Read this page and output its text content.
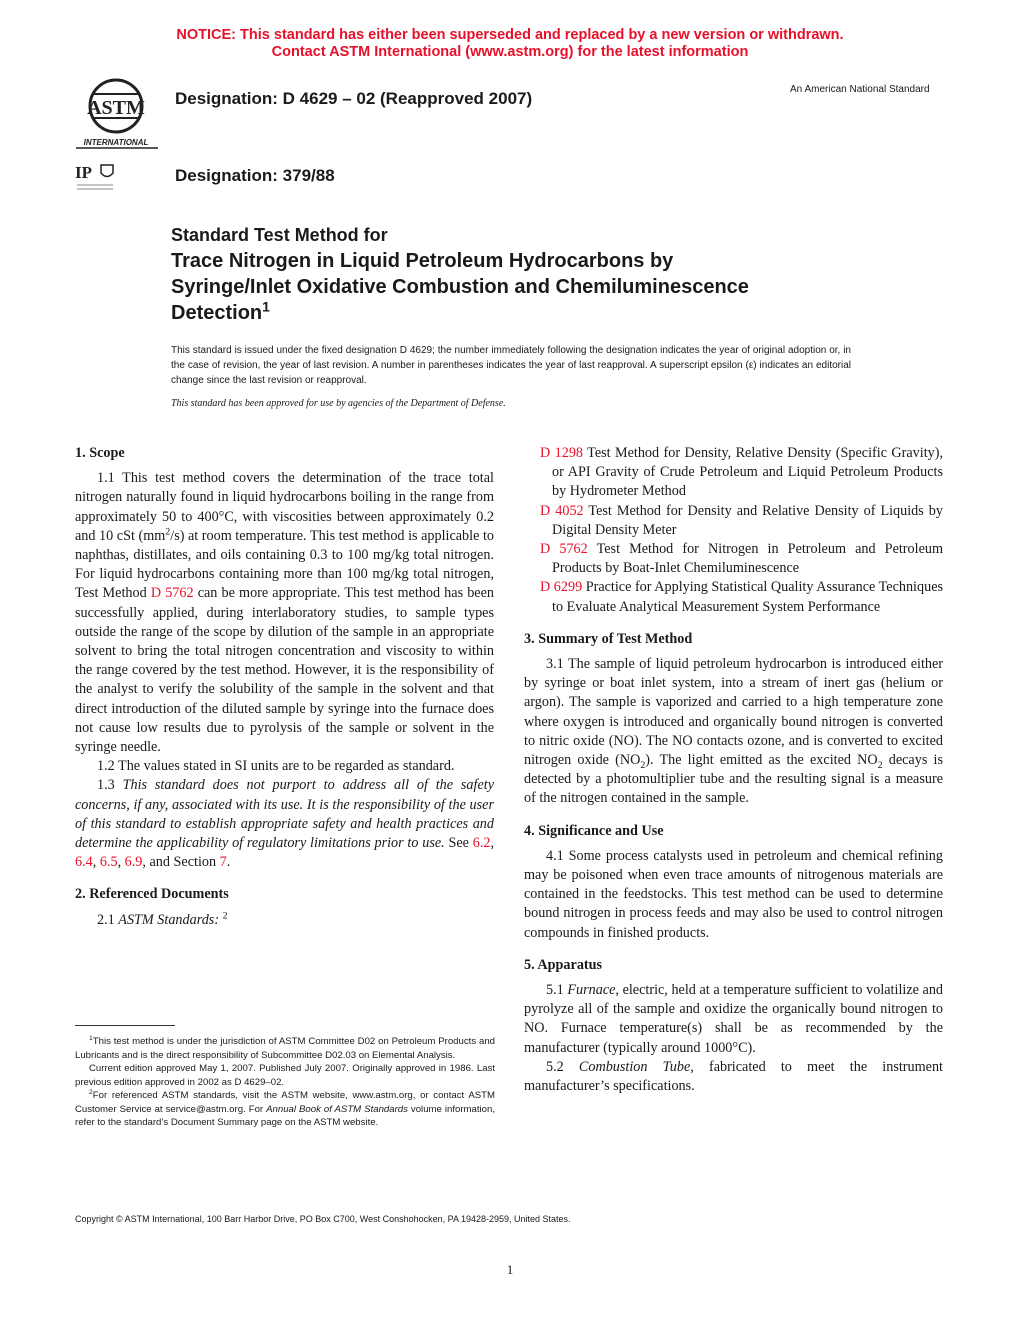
NOTICE: This standard has either been superseded and replaced by a new version or withdrawn.
Contact ASTM International (www.astm.org) for the latest information
ASTM
INTERNATIONAL
Designation: D 4629 – 02 (Reapproved 2007)	An American National Standard
IP	Designation: 379/88
Standard Test Method for
Trace Nitrogen in Liquid Petroleum Hydrocarbons by
Syringe/Inlet Oxidative Combustion and Chemiluminescence
Detection$^1$
This standard is issued under the fixed designation D 4629; the number immediately following the designation indicates the year of original adoption or, in the case of revision, the year of last revision. A number in parentheses indicates the year of last reapproval. A superscript epsilon (ε) indicates an editorial change since the last revision or reapproval.
This standard has been approved for use by agencies of the Department of Defense.
1. Scope

1.1 This test method covers the determination of the trace total nitrogen naturally found in liquid hydrocarbons boiling in the range from approximately 50 to 400°C, with viscosities between approximately 0.2 and 10 cSt $(mm^2/s)$ at room temperature. This test method is applicable to naphthas, distillates, and oils containing 0.3 to 100 mg/kg total nitrogen. For liquid hydrocarbons containing more than 100 mg/kg total nitrogen, Test Method D 5762 can be more appropriate. This test method has been successfully applied, during interlaboratory studies, to sample types outside the range of the scope by dilution of the sample in an appropriate solvent to bring the total nitrogen concentration and viscosity to within the range covered by the test method. However, it is the responsibility of the analyst to verify the solubility of the sample in the solvent and that direct introduction of the diluted sample by syringe into the furnace does not cause low results due to pyrolysis of the sample or solvent in the syringe needle.

1.2 The values stated in SI units are to be regarded as standard.

1.3 This standard does not purport to address all of the safety concerns, if any, associated with its use. It is the responsibility of the user of this standard to establish appropriate safety and health practices and determine the applicability of regulatory limitations prior to use. See 6.2, 6.4, 6.5, 6.9, and Section 7.

2. Referenced Documents

2.1 ASTM Standards: $^2$

$^1$This test method is under the jurisdiction of ASTM Committee D02 on Petroleum Products and Lubricants and is the direct responsibility of Subcommittee D02.03 on Elemental Analysis.

Current edition approved May 1, 2007. Published July 2007. Originally approved in 1986. Last previous edition approved in 2002 as D 4629–02.

$^2$For referenced ASTM standards, visit the ASTM website, www.astm.org, or contact ASTM Customer Service at service@astm.org. For Annual Book of ASTM Standards volume information, refer to the standard’s Document Summary page on the ASTM website.

D 1298 Test Method for Density, Relative Density (Specific Gravity), or API Gravity of Crude Petroleum and Liquid Petroleum Products by Hydrometer Method

D 4052 Test Method for Density and Relative Density of Liquids by Digital Density Meter

D 5762 Test Method for Nitrogen in Petroleum and Petroleum Products by Boat-Inlet Chemiluminescence

D 6299 Practice for Applying Statistical Quality Assurance Techniques to Evaluate Analytical Measurement System Performance

3. Summary of Test Method

3.1 The sample of liquid petroleum hydrocarbon is introduced either by syringe or boat inlet system, into a stream of inert gas (helium or argon). The sample is vaporized and carried to a high temperature zone where oxygen is introduced and organically bound nitrogen is converted to nitric oxide (NO). The NO contacts ozone, and is converted to excited nitrogen oxide $(NO_2)$. The light emitted as the excited $NO_2$ decays is detected by a photomultiplier tube and the resulting signal is a measure of the nitrogen contained in the sample.

4. Significance and Use

4.1 Some process catalysts used in petroleum and chemical refining may be poisoned when even trace amounts of nitrogenous materials are contained in the feedstocks. This test method can be used to determine bound nitrogen in process feeds and may also be used to control nitrogen compounds in finished products.

5. Apparatus

5.1 Furnace, electric, held at a temperature sufficient to volatilize and pyrolyze all of the sample and oxidize the organically bound nitrogen to NO. Furnace temperature(s) shall be as recommended by the manufacturer (typically around 1000°C).

5.2 Combustion Tube, fabricated to meet the instrument manufacturer’s specifications.

Copyright © ASTM International, 100 Barr Harbor Drive, PO Box C700, West Conshohocken, PA 19428-2959, United States.
1
